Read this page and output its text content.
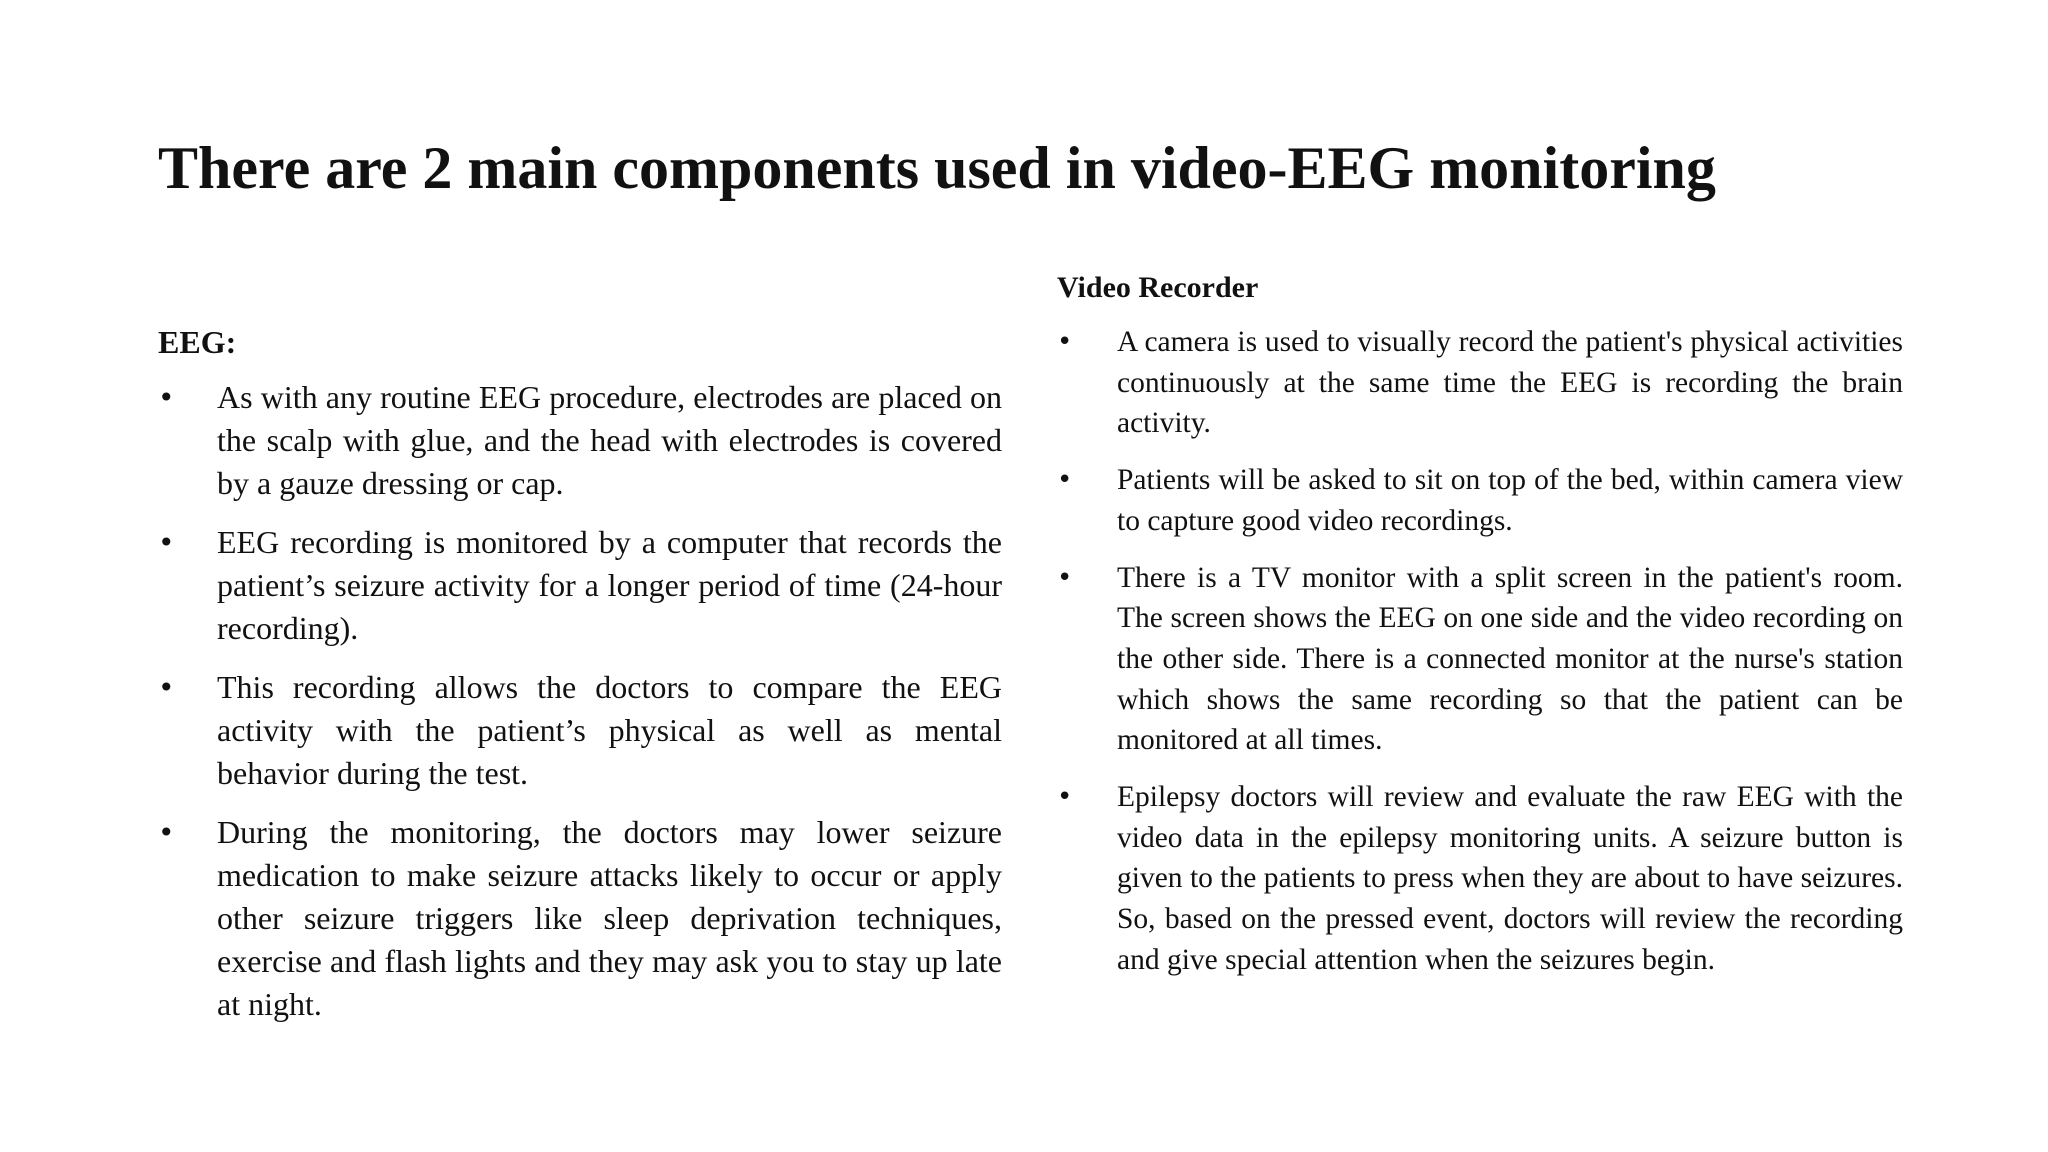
There are 2 main components used in video-EEG monitoring

EEG:

• As with any routine EEG procedure, electrodes are placed on the scalp with glue, and the head with electrodes is covered by a gauze dressing or cap.
• EEG recording is monitored by a computer that records the patient’s seizure activity for a longer period of time (24-hour recording).
• This recording allows the doctors to compare the EEG activity with the patient’s physical as well as mental behavior during the test.
• During the monitoring, the doctors may lower seizure medication to make seizure attacks likely to occur or apply other seizure triggers like sleep deprivation techniques, exercise and flash lights and they may ask you to stay up late at night.

Video Recorder

• A camera is used to visually record the patient's physical activities continuously at the same time the EEG is recording the brain activity.
• Patients will be asked to sit on top of the bed, within camera view to capture good video recordings.
• There is a TV monitor with a split screen in the patient's room. The screen shows the EEG on one side and the video recording on the other side. There is a connected monitor at the nurse's station which shows the same recording so that the patient can be monitored at all times.
• Epilepsy doctors will review and evaluate the raw EEG with the video data in the epilepsy monitoring units. A seizure button is given to the patients to press when they are about to have seizures. So, based on the pressed event, doctors will review the recording and give special attention when the seizures begin.
